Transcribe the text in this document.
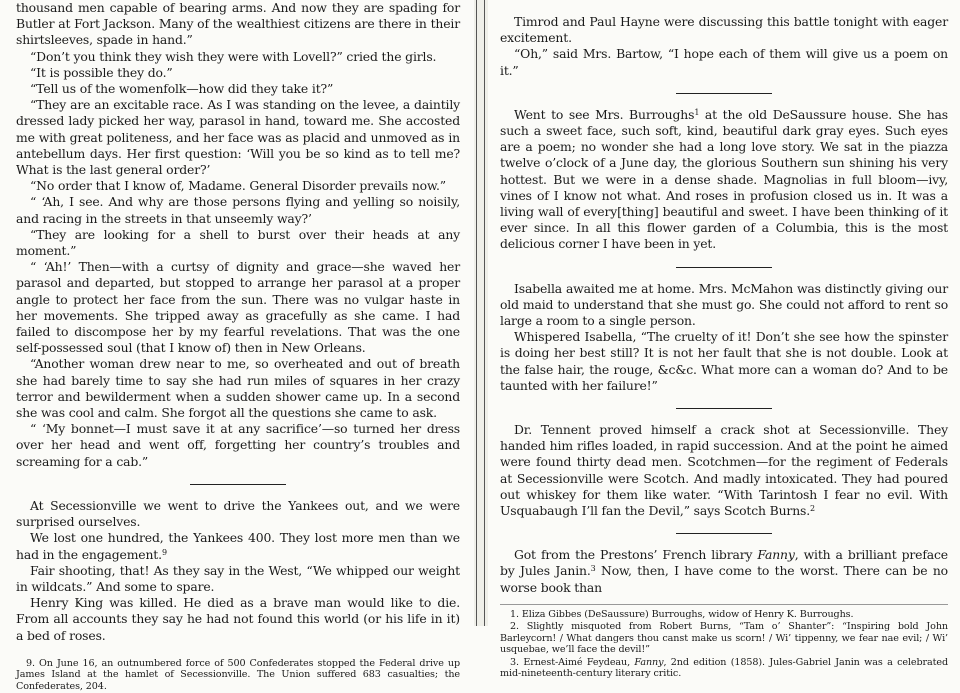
thousand men capable of bearing arms. And now they are spading for Butler at Fort Jackson. Many of the wealthiest citizens are there in their shirtsleeves, spade in hand.”

“Don’t you think they wish they were with Lovell?” cried the girls.

“It is possible they do.”

“Tell us of the womenfolk—how did they take it?”

“They are an excitable race. As I was standing on the levee, a daintily dressed lady picked her way, parasol in hand, toward me. She accosted me with great politeness, and her face was as placid and unmoved as in antebellum days. Her first question: ‘Will you be so kind as to tell me? What is the last general order?’

“No order that I know of, Madame. General Disorder prevails now.”

“ ‘Ah, I see. And why are those persons flying and yelling so noisily, and racing in the streets in that unseemly way?’

“They are looking for a shell to burst over their heads at any moment.”

“ ‘Ah!’ Then—with a curtsy of dignity and grace—she waved her parasol and departed, but stopped to arrange her parasol at a proper angle to protect her face from the sun. There was no vulgar haste in her movements. She tripped away as gracefully as she came. I had failed to discompose her by my fearful revelations. That was the one self-possessed soul (that I know of) then in New Orleans.

“Another woman drew near to me, so overheated and out of breath she had barely time to say she had run miles of squares in her crazy terror and bewilderment when a sudden shower came up. In a second she was cool and calm. She forgot all the questions she came to ask.

“ ‘My bonnet—I must save it at any sacrifice’—so turned her dress over her head and went off, forgetting her country’s troubles and screaming for a cab.”

At Secessionville we went to drive the Yankees out, and we were surprised ourselves.

We lost one hundred, the Yankees 400. They lost more men than we had in the engagement.$^9$

Fair shooting, that! As they say in the West, “We whipped our weight in wildcats.” And some to spare.

Henry King was killed. He died as a brave man would like to die. From all accounts they say he had not found this world (or his life in it) a bed of roses.

9. On June 16, an outnumbered force of 500 Confederates stopped the Federal drive up James Island at the hamlet of Secessionville. The Union suffered 683 casualties; the Confederates, 204.

Timrod and Paul Hayne were discussing this battle tonight with eager excitement.

“Oh,” said Mrs. Bartow, “I hope each of them will give us a poem on it.”

Went to see Mrs. Burroughs$^1$ at the old DeSaussure house. She has such a sweet face, such soft, kind, beautiful dark gray eyes. Such eyes are a poem; no wonder she had a long love story. We sat in the piazza twelve o’clock of a June day, the glorious Southern sun shining his very hottest. But we were in a dense shade. Magnolias in full bloom—ivy, vines of I know not what. And roses in profusion closed us in. It was a living wall of every[thing] beautiful and sweet. I have been thinking of it ever since. In all this flower garden of a Columbia, this is the most delicious corner I have been in yet.

Isabella awaited me at home. Mrs. McMahon was distinctly giving our old maid to understand that she must go. She could not afford to rent so large a room to a single person.

Whispered Isabella, “The cruelty of it! Don’t she see how the spinster is doing her best still? It is not her fault that she is not double. Look at the false hair, the rouge, &c&c. What more can a woman do? And to be taunted with her failure!”

Dr. Tennent proved himself a crack shot at Secessionville. They handed him rifles loaded, in rapid succession. And at the point he aimed were found thirty dead men. Scotchmen—for the regiment of Federals at Secessionville were Scotch. And madly intoxicated. They had poured out whiskey for them like water. “With Tarintosh I fear no evil. With Usquabaugh I’ll fan the Devil,” says Scotch Burns.$^2$

Got from the Prestons’ French library Fanny, with a brilliant preface by Jules Janin.$^3$ Now, then, I have come to the worst. There can be no worse book than

1. Eliza Gibbes (DeSaussure) Burroughs, widow of Henry K. Burroughs.

2. Slightly misquoted from Robert Burns, “Tam o’ Shanter”: “Inspiring bold John Barleycorn! / What dangers thou canst make us scorn! / Wi’ tippenny, we fear nae evil; / Wi’ usquebae, we’ll face the devil!”

3. Ernest-Aimé Feydeau, Fanny, 2nd edition (1858). Jules-Gabriel Janin was a celebrated mid-nineteenth-century literary critic.
